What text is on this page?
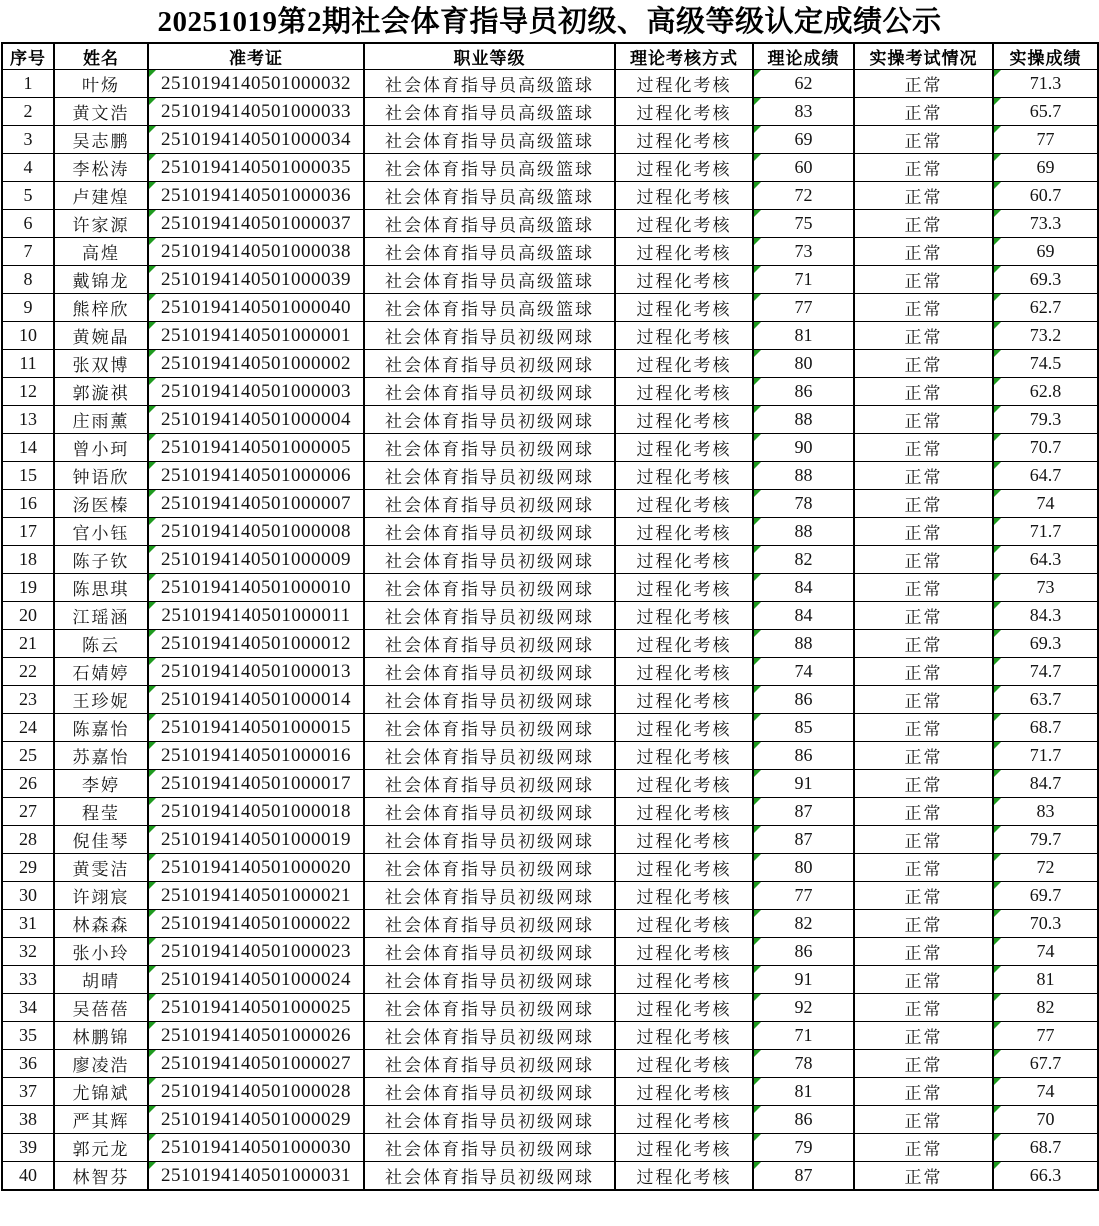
20251019第2期社会体育指导员初级、高级等级认定成绩公示
序号	姓名	准考证	职业等级	理论考核方式	理论成绩	实操考试情况	实操成绩
1	叶炀	2510194140501000032	社会体育指导员高级篮球	过程化考核	62	正常	71.3
2	黄文浩	2510194140501000033	社会体育指导员高级篮球	过程化考核	83	正常	65.7
3	吴志鹏	2510194140501000034	社会体育指导员高级篮球	过程化考核	69	正常	77
4	李松涛	2510194140501000035	社会体育指导员高级篮球	过程化考核	60	正常	69
5	卢建煌	2510194140501000036	社会体育指导员高级篮球	过程化考核	72	正常	60.7
6	许家源	2510194140501000037	社会体育指导员高级篮球	过程化考核	75	正常	73.3
7	高煌	2510194140501000038	社会体育指导员高级篮球	过程化考核	73	正常	69
8	戴锦龙	2510194140501000039	社会体育指导员高级篮球	过程化考核	71	正常	69.3
9	熊梓欣	2510194140501000040	社会体育指导员高级篮球	过程化考核	77	正常	62.7
10	黄婉晶	2510194140501000001	社会体育指导员初级网球	过程化考核	81	正常	73.2
11	张双博	2510194140501000002	社会体育指导员初级网球	过程化考核	80	正常	74.5
12	郭漩祺	2510194140501000003	社会体育指导员初级网球	过程化考核	86	正常	62.8
13	庄雨薰	2510194140501000004	社会体育指导员初级网球	过程化考核	88	正常	79.3
14	曾小珂	2510194140501000005	社会体育指导员初级网球	过程化考核	90	正常	70.7
15	钟语欣	2510194140501000006	社会体育指导员初级网球	过程化考核	88	正常	64.7
16	汤医榛	2510194140501000007	社会体育指导员初级网球	过程化考核	78	正常	74
17	官小钰	2510194140501000008	社会体育指导员初级网球	过程化考核	88	正常	71.7
18	陈子钦	2510194140501000009	社会体育指导员初级网球	过程化考核	82	正常	64.3
19	陈思琪	2510194140501000010	社会体育指导员初级网球	过程化考核	84	正常	73
20	江瑶涵	2510194140501000011	社会体育指导员初级网球	过程化考核	84	正常	84.3
21	陈云	2510194140501000012	社会体育指导员初级网球	过程化考核	88	正常	69.3
22	石婧婷	2510194140501000013	社会体育指导员初级网球	过程化考核	74	正常	74.7
23	王珍妮	2510194140501000014	社会体育指导员初级网球	过程化考核	86	正常	63.7
24	陈嘉怡	2510194140501000015	社会体育指导员初级网球	过程化考核	85	正常	68.7
25	苏嘉怡	2510194140501000016	社会体育指导员初级网球	过程化考核	86	正常	71.7
26	李婷	2510194140501000017	社会体育指导员初级网球	过程化考核	91	正常	84.7
27	程莹	2510194140501000018	社会体育指导员初级网球	过程化考核	87	正常	83
28	倪佳琴	2510194140501000019	社会体育指导员初级网球	过程化考核	87	正常	79.7
29	黄雯洁	2510194140501000020	社会体育指导员初级网球	过程化考核	80	正常	72
30	许翊宸	2510194140501000021	社会体育指导员初级网球	过程化考核	77	正常	69.7
31	林森森	2510194140501000022	社会体育指导员初级网球	过程化考核	82	正常	70.3
32	张小玲	2510194140501000023	社会体育指导员初级网球	过程化考核	86	正常	74
33	胡晴	2510194140501000024	社会体育指导员初级网球	过程化考核	91	正常	81
34	吴蓓蓓	2510194140501000025	社会体育指导员初级网球	过程化考核	92	正常	82
35	林鹏锦	2510194140501000026	社会体育指导员初级网球	过程化考核	71	正常	77
36	廖凌浩	2510194140501000027	社会体育指导员初级网球	过程化考核	78	正常	67.7
37	尤锦斌	2510194140501000028	社会体育指导员初级网球	过程化考核	81	正常	74
38	严其辉	2510194140501000029	社会体育指导员初级网球	过程化考核	86	正常	70
39	郭元龙	2510194140501000030	社会体育指导员初级网球	过程化考核	79	正常	68.7
40	林智芬	2510194140501000031	社会体育指导员初级网球	过程化考核	87	正常	66.3
